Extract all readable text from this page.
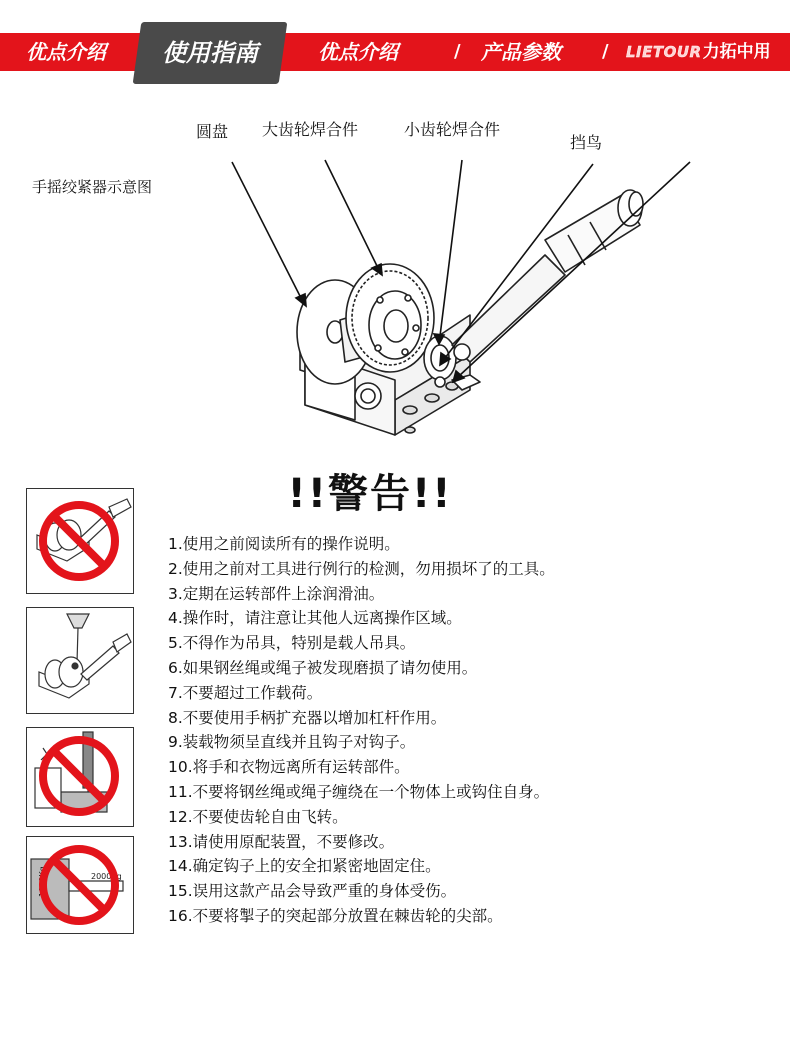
优点介绍	使用指南	优点介绍	/ 产品参数 / LIETOUR力拓中用
手摇绞紧器示意图
圆盘 大齿轮焊合件	小齿轮焊合件
挡鸟
!!警告!!
1000Kg	2000Kg
1.使用之前阅读所有的操作说明。
2.使用之前对工具进行例行的检测，勿用损坏了的工具。
3.定期在运转部件上涂润滑油。
4.操作时，请注意让其他人远离操作区域。
5.不得作为吊具，特别是载人吊具。
6.如果钢丝绳或绳子被发现磨损了请勿使用。
7.不要超过工作载荷。
8.不要使用手柄扩充器以增加杠杆作用。
9.装载物须呈直线并且钩子对钩子。
10.将手和衣物远离所有运转部件。
11.不要将钢丝绳或绳子缠绕在一个物体上或钩住自身。
12.不要使齿轮自由飞转。
13.请使用原配装置，不要修改。
14.确定钩子上的安全扣紧密地固定住。
15.误用这款产品会导致严重的身体受伤。
16.不要将掣子的突起部分放置在棘齿轮的尖部。
